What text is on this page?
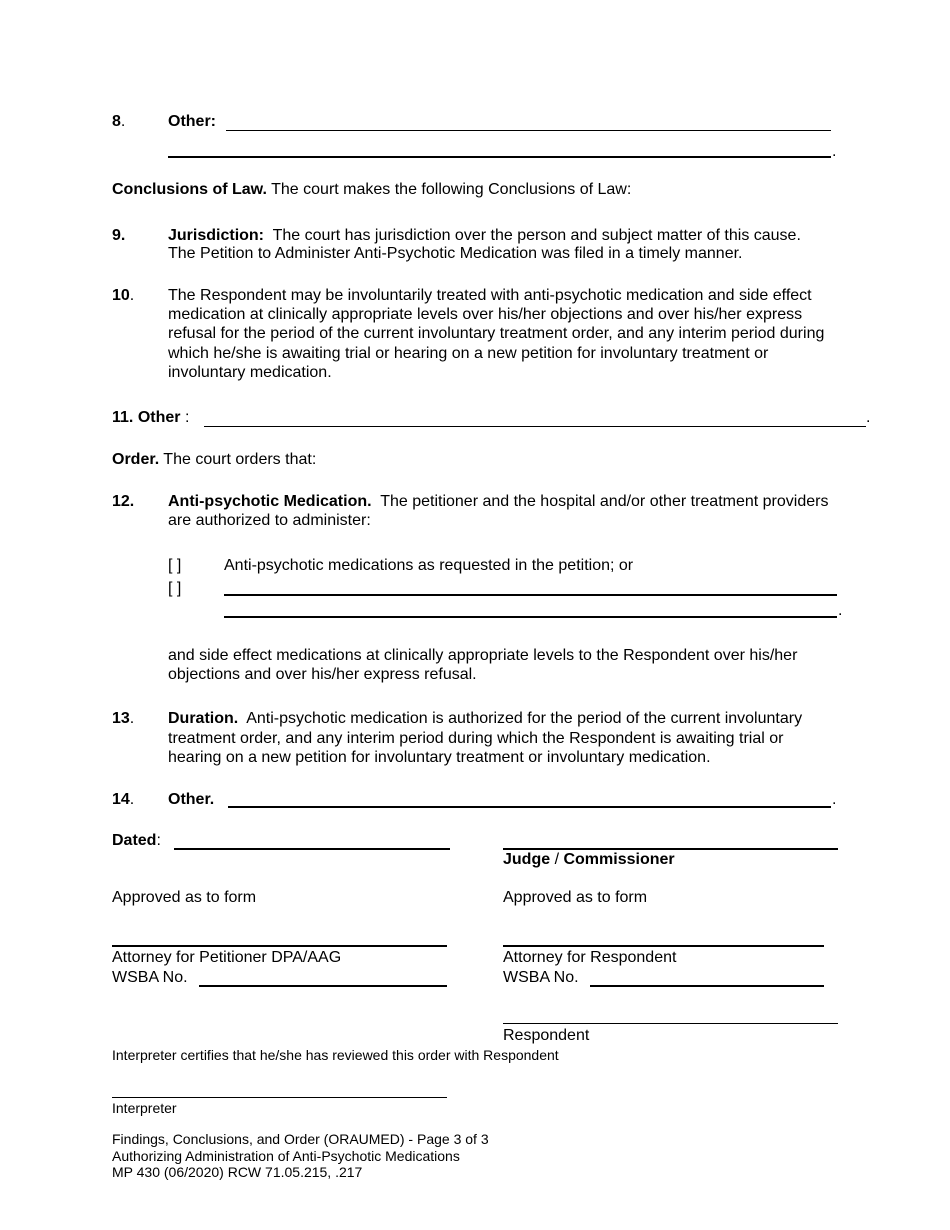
8.	Other:
.
Conclusions of Law. The court makes the following Conclusions of Law:
9.	Jurisdiction: The court has jurisdiction over the person and subject matter of this cause.
The Petition to Administer Anti-Psychotic Medication was filed in a timely manner.
10. The Respondent may be involuntarily treated with anti-psychotic medication and side effect
medication at clinically appropriate levels over his/her objections and over his/her express
refusal for the period of the current involuntary treatment order, and any interim period during
which he/she is awaiting trial or hearing on a new petition for involuntary treatment or
involuntary medication.
11. Other :	.
Order. The court orders that:
12. Anti-psychotic Medication. The petitioner and the hospital and/or other treatment providers
are authorized to administer:
[ ]	Anti-psychotic medications as requested in the petition; or
[ ]
.
and side effect medications at clinically appropriate levels to the Respondent over his/her
objections and over his/her express refusal.
13. Duration. Anti-psychotic medication is authorized for the period of the current involuntary
treatment order, and any interim period during which the Respondent is awaiting trial or
hearing on a new petition for involuntary treatment or involuntary medication.
14. Other.	.
Dated:
Judge / Commissioner
Approved as to form	Approved as to form
Attorney for Petitioner DPA/AAG	Attorney for Respondent
WSBA No.	WSBA No.
Respondent
Interpreter certifies that he/she has reviewed this order with Respondent
Interpreter
Findings, Conclusions, and Order (ORAUMED) - Page 3 of 3
Authorizing Administration of Anti-Psychotic Medications
MP 430 (06/2020) RCW 71.05.215, .217
